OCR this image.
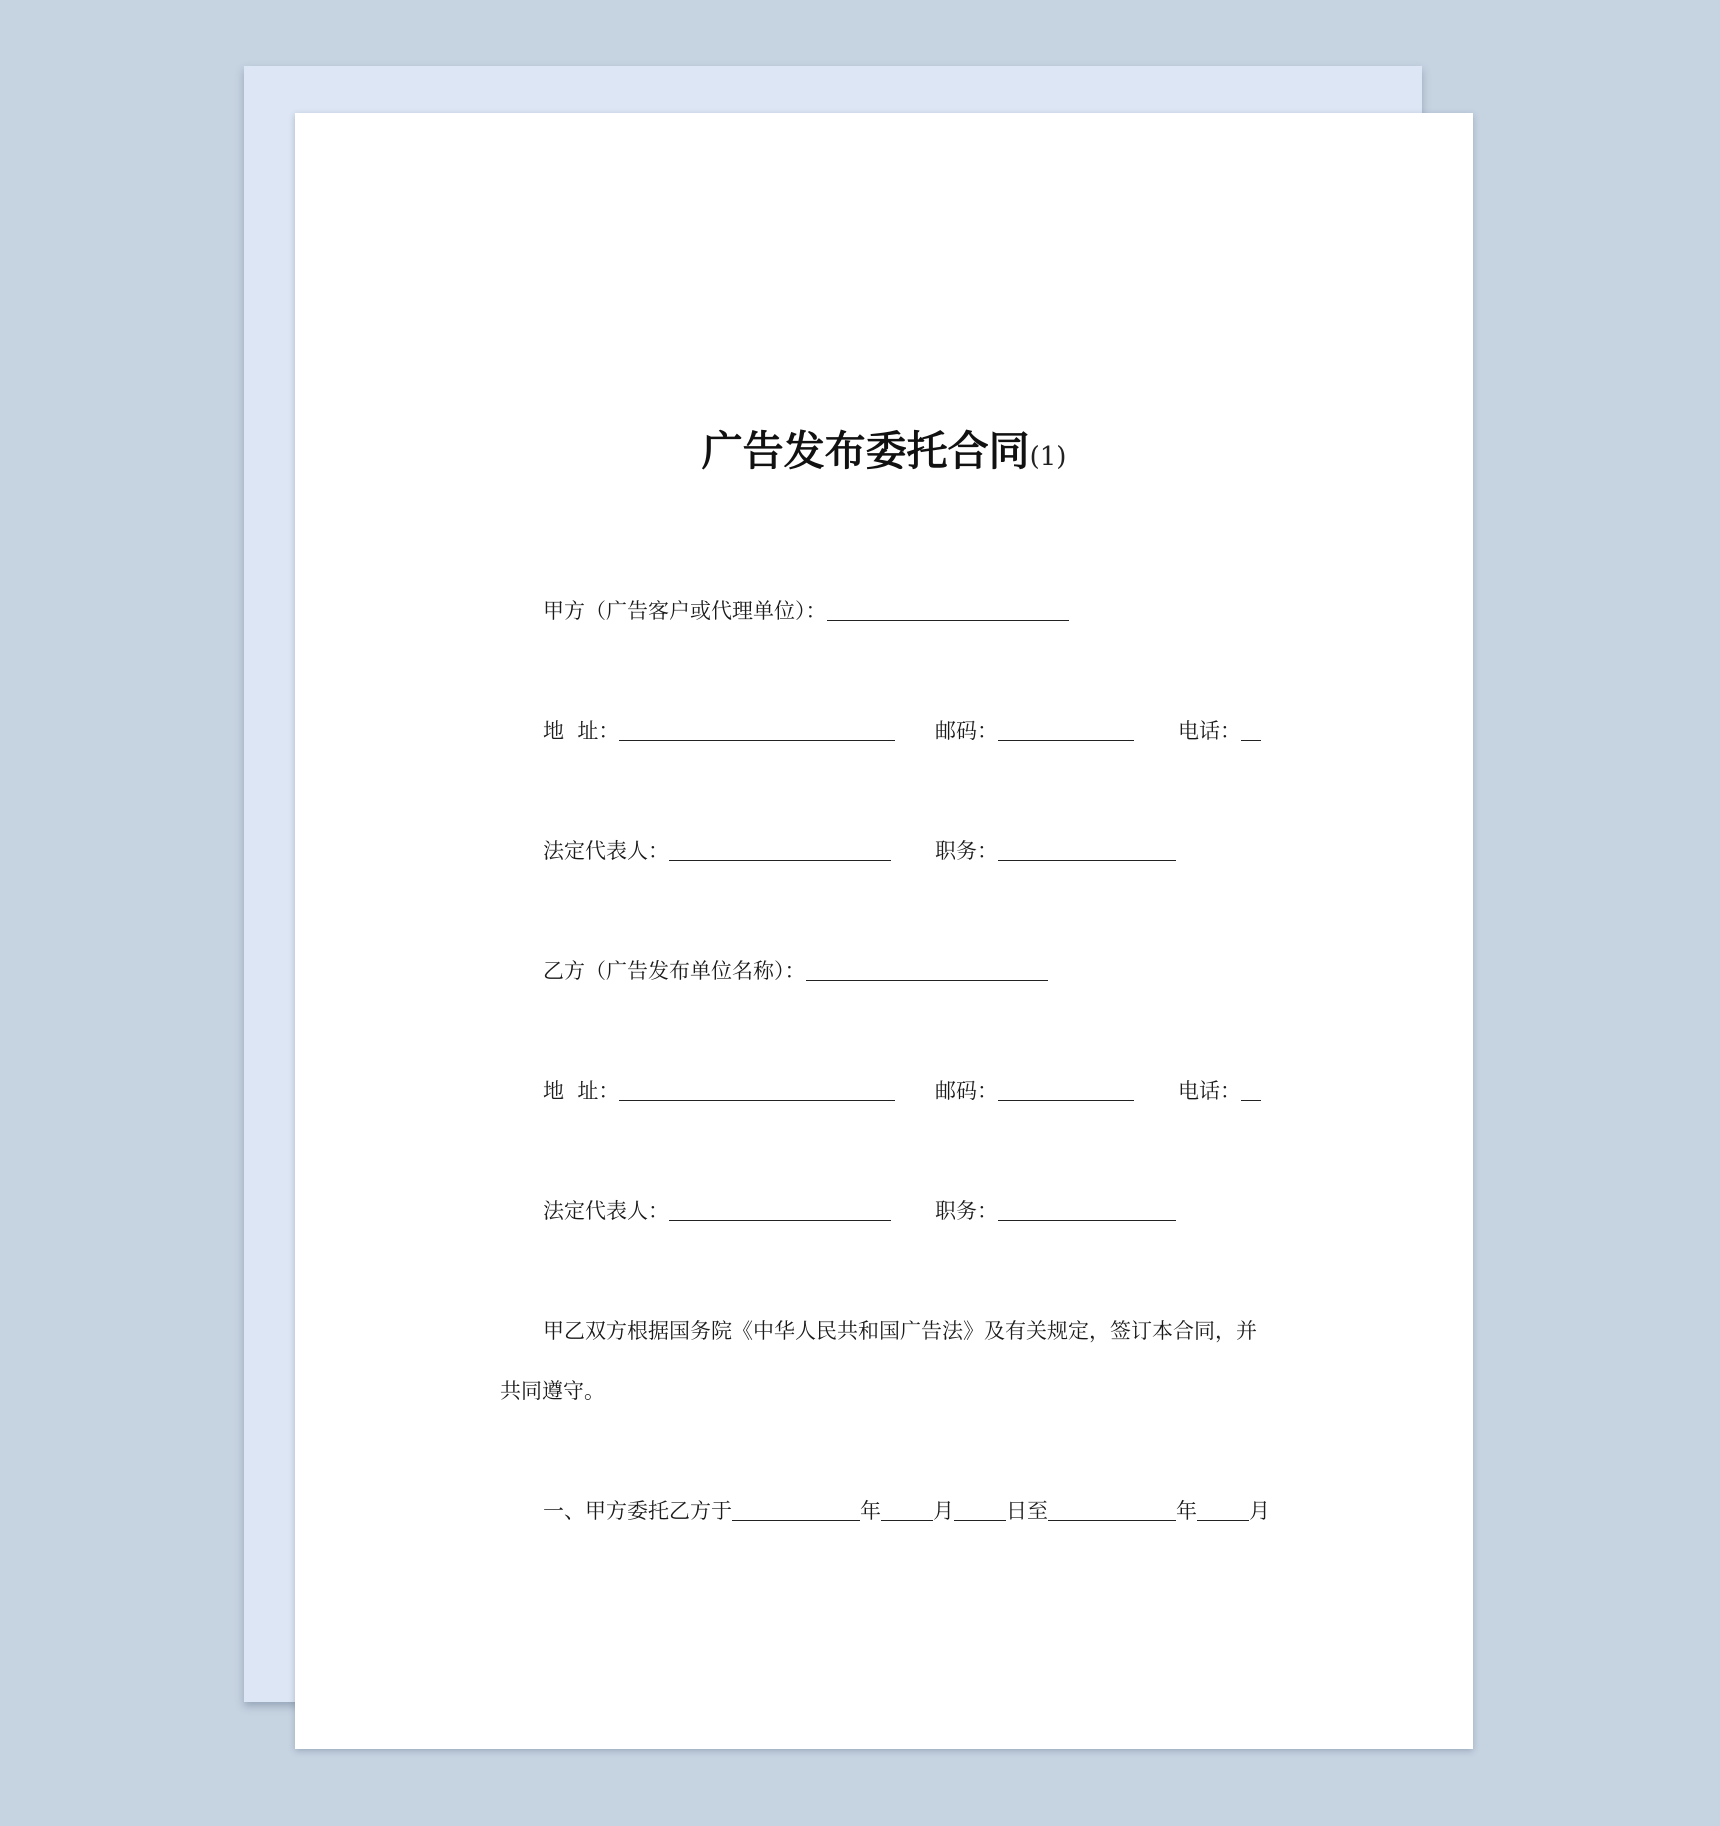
广告发布委托合同(1)
甲方（广告客户或代理单位）：
地  址：	邮码：	电话：
法定代表人：	职务：
乙方（广告发布单位名称）：
地  址：	邮码：	电话：
法定代表人：	职务：
甲乙双方根据国务院《中华人民共和国广告法》及有关规定，签订本合同，并
共同遵守。
一、甲方委托乙方于	年 月 日至	年 月
